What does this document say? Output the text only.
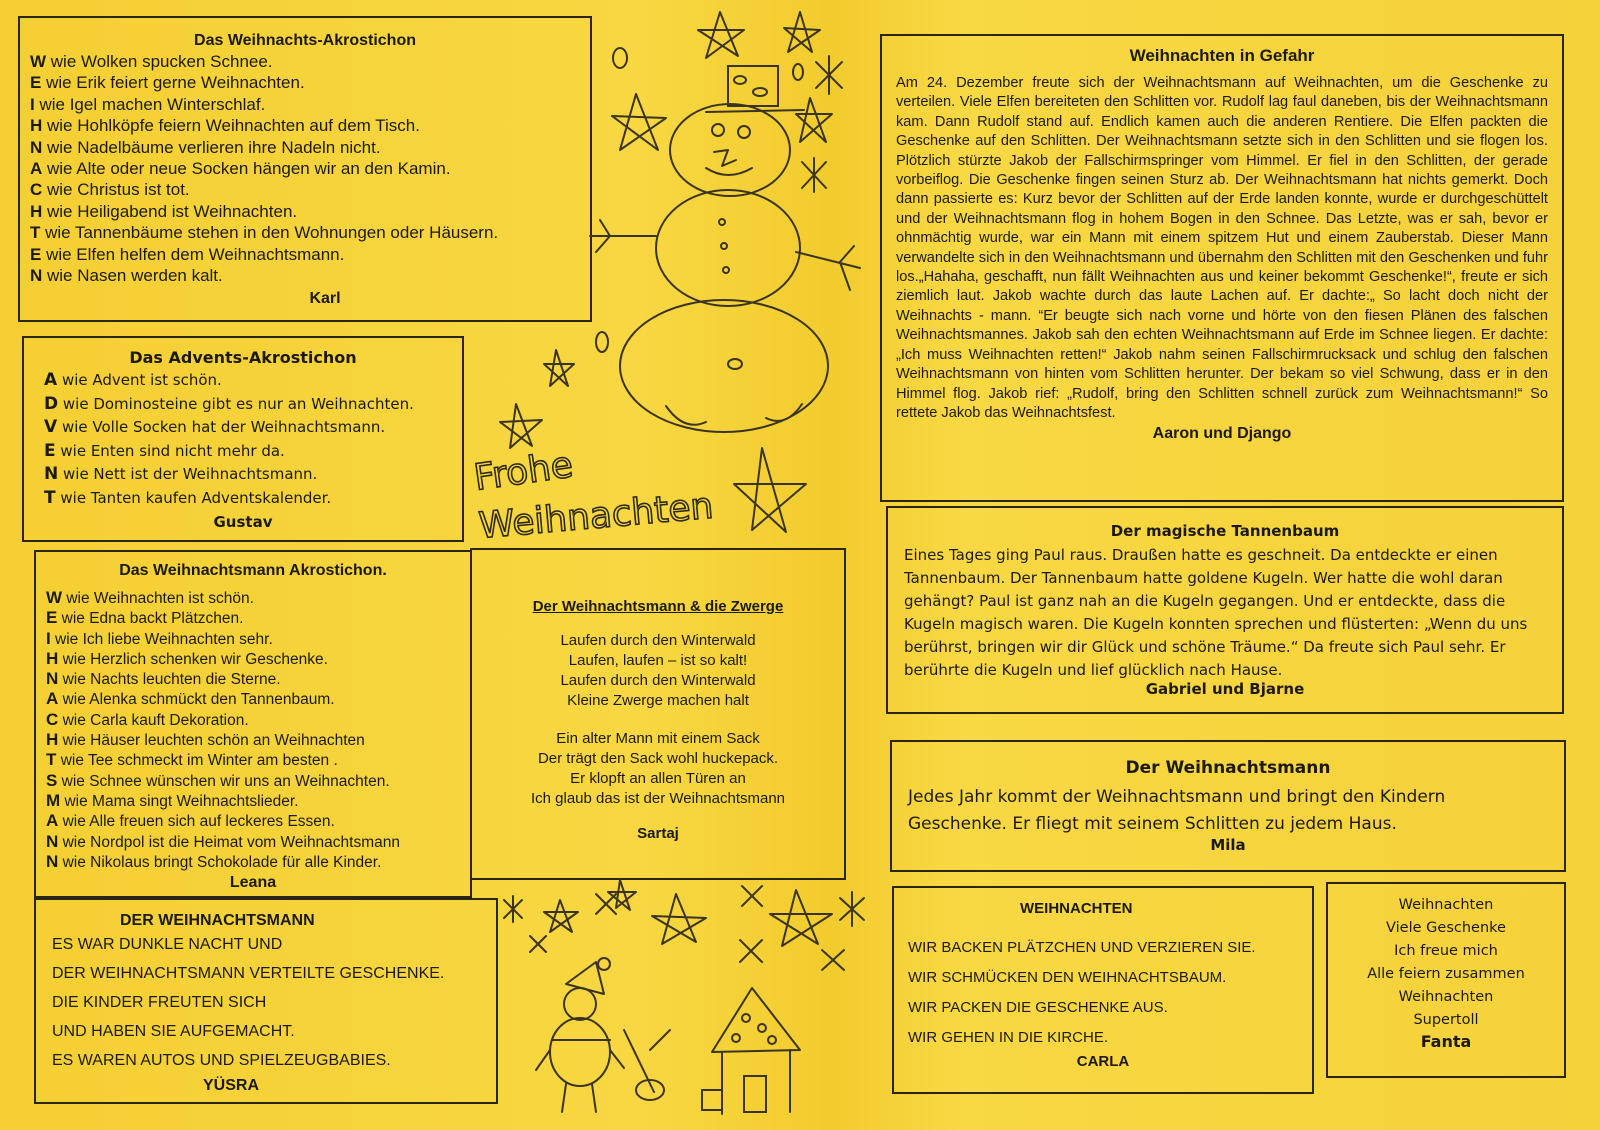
Das Weihnachts-Akrostichon
W wie Wolken spucken Schnee.
E wie Erik feiert gerne Weihnachten.
I wie Igel machen Winterschlaf.
H wie Hohlköpfe feiern Weihnachten auf dem Tisch.
N wie Nadelbäume verlieren ihre Nadeln nicht.
A wie Alte oder neue Socken hängen wir an den Kamin.
C wie Christus ist tot.
H wie Heiligabend ist Weihnachten.
T wie Tannenbäume stehen in den Wohnungen oder Häusern.
E wie Elfen helfen dem Weihnachtsmann.
N wie Nasen werden kalt.
Karl
Das Advents-Akrostichon
A wie Advent ist schön.
D wie Dominosteine gibt es nur an Weihnachten.
V wie Volle Socken hat der Weihnachtsmann.
E wie Enten sind nicht mehr da.
N wie Nett ist der Weihnachtsmann.
T wie Tanten kaufen Adventskalender.
Gustav
Das Weihnachtsmann Akrostichon.
W wie Weihnachten ist schön.
E wie Edna backt Plätzchen.
I wie Ich liebe Weihnachten sehr.
H wie Herzlich schenken wir Geschenke.
N wie Nachts leuchten die Sterne.
A wie Alenka schmückt den Tannenbaum.
C wie Carla kauft Dekoration.
H wie Häuser leuchten schön an Weihnachten
T wie Tee schmeckt im Winter am besten .
S wie Schnee wünschen wir uns an Weihnachten.
M wie Mama singt Weihnachtslieder.
A wie Alle freuen sich auf leckeres Essen.
N wie Nordpol ist die Heimat vom Weihnachtsmann
N wie Nikolaus bringt Schokolade für alle Kinder.
Leana
Der Weihnachtsmann & die Zwerge
Laufen durch den Winterwald
Laufen, laufen – ist so kalt!
Laufen durch den Winterwald
Kleine Zwerge machen halt
Ein alter Mann mit einem Sack
Der trägt den Sack wohl huckepack.
Er klopft an allen Türen an
Ich glaub das ist der Weihnachtsmann
Sartaj
DER WEIHNACHTSMANN
ES WAR DUNKLE NACHT UND
DER WEIHNACHTSMANN VERTEILTE GESCHENKE.
DIE KINDER FREUTEN SICH
UND HABEN SIE AUFGEMACHT.
ES WAREN AUTOS UND SPIELZEUGBABIES.
YÜSRA
Frohe
Weihnachten
Weihnachten in Gefahr

Am 24. Dezember freute sich der Weihnachtsmann auf Weihnachten, um die Geschenke zu verteilen. Viele Elfen bereiteten den Schlitten vor. Rudolf lag faul daneben, bis der Weihnachtsmann kam. Dann Rudolf stand auf. Endlich kamen auch die anderen Rentiere. Die Elfen packten die Geschenke auf den Schlitten. Der Weihnachtsmann setzte sich in den Schlitten und sie flogen los. Plötzlich stürzte Jakob der Fallschirmspringer vom Himmel. Er fiel in den Schlitten, der gerade vorbeiflog. Die Geschenke fingen seinen Sturz ab. Der Weihnachtsmann hat nichts gemerkt. Doch dann passierte es: Kurz bevor der Schlitten auf der Erde landen konnte, wurde er durchgeschüttelt und der Weihnachtsmann flog in hohem Bogen in den Schnee. Das Letzte, was er sah, bevor er ohnmächtig wurde, war ein Mann mit einem spitzem Hut und einem Zauberstab. Dieser Mann verwandelte sich in den Weihnachtsmann und übernahm den Schlitten mit den Geschenken und fuhr los.„Hahaha, geschafft, nun fällt Weihnachten aus und keiner bekommt Geschenke!“, freute er sich ziemlich laut. Jakob wachte durch das laute Lachen auf. Er dachte:„ So lacht doch nicht der Weihnachts - mann. “Er beugte sich nach vorne und hörte von den fiesen Plänen des falschen Weihnachtsmannes. Jakob sah den echten Weihnachtsmann auf Erde im Schnee liegen. Er dachte:„Ich muss Weihnachten retten!“ Jakob nahm seinen Fallschirmrucksack und schlug den falschen Weihnachtsmann von hinten vom Schlitten herunter. Der bekam so viel Schwung, dass er in den Himmel flog. Jakob rief: „Rudolf, bring den Schlitten schnell zurück zum Weihnachtsmann!“ So rettete Jakob das Weihnachtsfest.

Aaron und Django
Der magische Tannenbaum

Eines Tages ging Paul raus. Draußen hatte es geschneit. Da entdeckte er einen Tannenbaum. Der Tannenbaum hatte goldene Kugeln. Wer hatte die wohl daran gehängt? Paul ist ganz nah an die Kugeln gegangen. Und er entdeckte, dass die Kugeln magisch waren. Die Kugeln konnten sprechen und flüsterten: „Wenn du uns berührst, bringen wir dir Glück und schöne Träume.“ Da freute sich Paul sehr. Er berührte die Kugeln und lief glücklich nach Hause.

Gabriel und Bjarne
Der Weihnachtsmann
Jedes Jahr kommt der Weihnachtsmann und bringt den Kindern
Geschenke. Er fliegt mit seinem Schlitten zu jedem Haus.
Mila
WEIHNACHTEN
WIR BACKEN PLÄTZCHEN UND VERZIEREN SIE.
WIR SCHMÜCKEN DEN WEIHNACHTSBAUM.
WIR PACKEN DIE GESCHENKE AUS.
WIR GEHEN IN DIE KIRCHE.
CARLA
Weihnachten
Viele Geschenke
Ich freue mich
Alle feiern zusammen
Weihnachten
Supertoll
Fanta
